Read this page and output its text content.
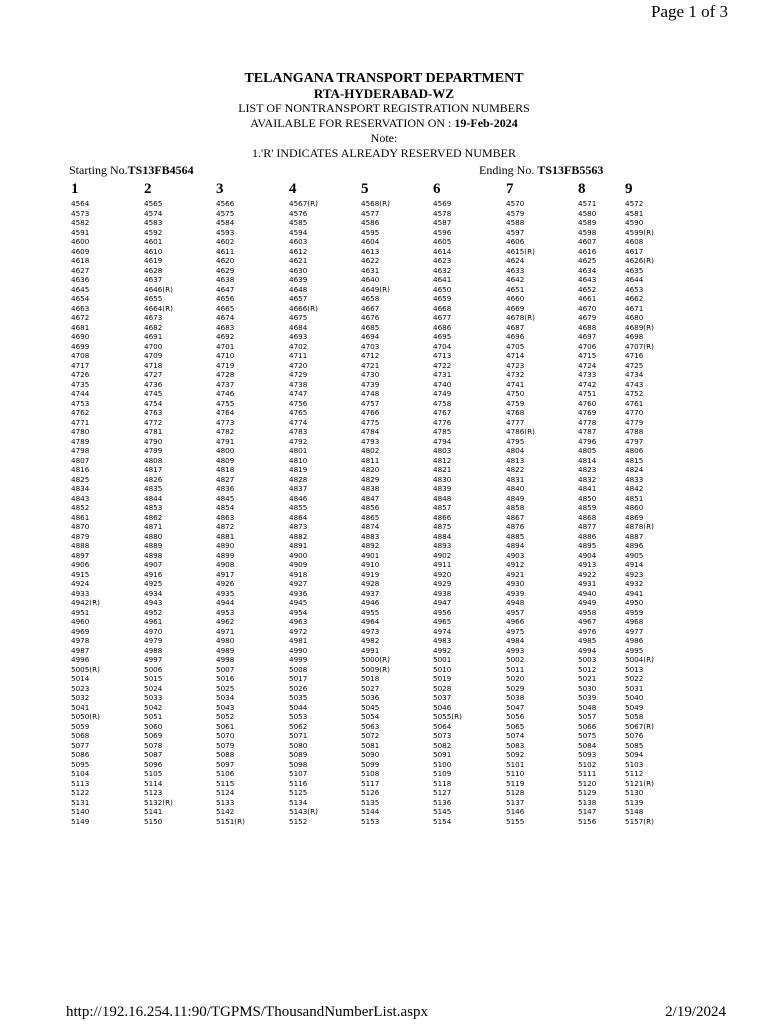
Page 1 of 3
TELANGANA TRANSPORT DEPARTMENT
RTA-HYDERABAD-WZ
LIST OF NONTRANSPORT REGISTRATION NUMBERS
AVAILABLE FOR RESERVATION ON : 19-Feb-2024
Note:
1.'R' INDICATES ALREADY RESERVED NUMBER
Starting No.TS13FB4564	Ending No. TS13FB5563
1	2	3	4	5	6	7	8	9
4564	4565	4566	4567(R)	4568(R)	4569	4570	4571	4572
4573	4574	4575	4576	4577	4578	4579	4580	4581
4582	4583	4584	4585	4586	4587	4588	4589	4590
4591	4592	4593	4594	4595	4596	4597	4598	4599(R)
4600	4601	4602	4603	4604	4605	4606	4607	4608
4609	4610	4611	4612	4613	4614	4615(R)	4616	4617
4618	4619	4620	4621	4622	4623	4624	4625	4626(R)
4627	4628	4629	4630	4631	4632	4633	4634	4635
4636	4637	4638	4639	4640	4641	4642	4643	4644
4645	4646(R)	4647	4648	4649(R)	4650	4651	4652	4653
4654	4655	4656	4657	4658	4659	4660	4661	4662
4663	4664(R)	4665	4666(R)	4667	4668	4669	4670	4671
4672	4673	4674	4675	4676	4677	4678(R)	4679	4680
4681	4682	4683	4684	4685	4686	4687	4688	4689(R)
4690	4691	4692	4693	4694	4695	4696	4697	4698
4699	4700	4701	4702	4703	4704	4705	4706	4707(R)
4708	4709	4710	4711	4712	4713	4714	4715	4716
4717	4718	4719	4720	4721	4722	4723	4724	4725
4726	4727	4728	4729	4730	4731	4732	4733	4734
4735	4736	4737	4738	4739	4740	4741	4742	4743
4744	4745	4746	4747	4748	4749	4750	4751	4752
4753	4754	4755	4756	4757	4758	4759	4760	4761
4762	4763	4764	4765	4766	4767	4768	4769	4770
4771	4772	4773	4774	4775	4776	4777	4778	4779
4780	4781	4782	4783	4784	4785	4786(R)	4787	4788
4789	4790	4791	4792	4793	4794	4795	4796	4797
4798	4799	4800	4801	4802	4803	4804	4805	4806
4807	4808	4809	4810	4811	4812	4813	4814	4815
4816	4817	4818	4819	4820	4821	4822	4823	4824
4825	4826	4827	4828	4829	4830	4831	4832	4833
4834	4835	4836	4837	4838	4839	4840	4841	4842
4843	4844	4845	4846	4847	4848	4849	4850	4851
4852	4853	4854	4855	4856	4857	4858	4859	4860
4861	4862	4863	4864	4865	4866	4867	4868	4869
4870	4871	4872	4873	4874	4875	4876	4877	4878(R)
4879	4880	4881	4882	4883	4884	4885	4886	4887
4888	4889	4890	4891	4892	4893	4894	4895	4896
4897	4898	4899	4900	4901	4902	4903	4904	4905
4906	4907	4908	4909	4910	4911	4912	4913	4914
4915	4916	4917	4918	4919	4920	4921	4922	4923
4924	4925	4926	4927	4928	4929	4930	4931	4932
4933	4934	4935	4936	4937	4938	4939	4940	4941
4942(R)	4943	4944	4945	4946	4947	4948	4949	4950
4951	4952	4953	4954	4955	4956	4957	4958	4959
4960	4961	4962	4963	4964	4965	4966	4967	4968
4969	4970	4971	4972	4973	4974	4975	4976	4977
4978	4979	4980	4981	4982	4983	4984	4985	4986
4987	4988	4989	4990	4991	4992	4993	4994	4995
4996	4997	4998	4999	5000(R)	5001	5002	5003	5004(R)
5005(R)	5006	5007	5008	5009(R)	5010	5011	5012	5013
5014	5015	5016	5017	5018	5019	5020	5021	5022
5023	5024	5025	5026	5027	5028	5029	5030	5031
5032	5033	5034	5035	5036	5037	5038	5039	5040
5041	5042	5043	5044	5045	5046	5047	5048	5049
5050(R)	5051	5052	5053	5054	5055(R)	5056	5057	5058
5059	5060	5061	5062	5063	5064	5065	5066	5067(R)
5068	5069	5070	5071	5072	5073	5074	5075	5076
5077	5078	5079	5080	5081	5082	5083	5084	5085
5086	5087	5088	5089	5090	5091	5092	5093	5094
5095	5096	5097	5098	5099	5100	5101	5102	5103
5104	5105	5106	5107	5108	5109	5110	5111	5112
5113	5114	5115	5116	5117	5118	5119	5120	5121(R)
5122	5123	5124	5125	5126	5127	5128	5129	5130
5131	5132(R)	5133	5134	5135	5136	5137	5138	5139
5140	5141	5142	5143(R)	5144	5145	5146	5147	5148
5149	5150	5151(R)	5152	5153	5154	5155	5156	5157(R)
http://192.16.254.11:90/TGPMS/ThousandNumberList.aspx	2/19/2024
